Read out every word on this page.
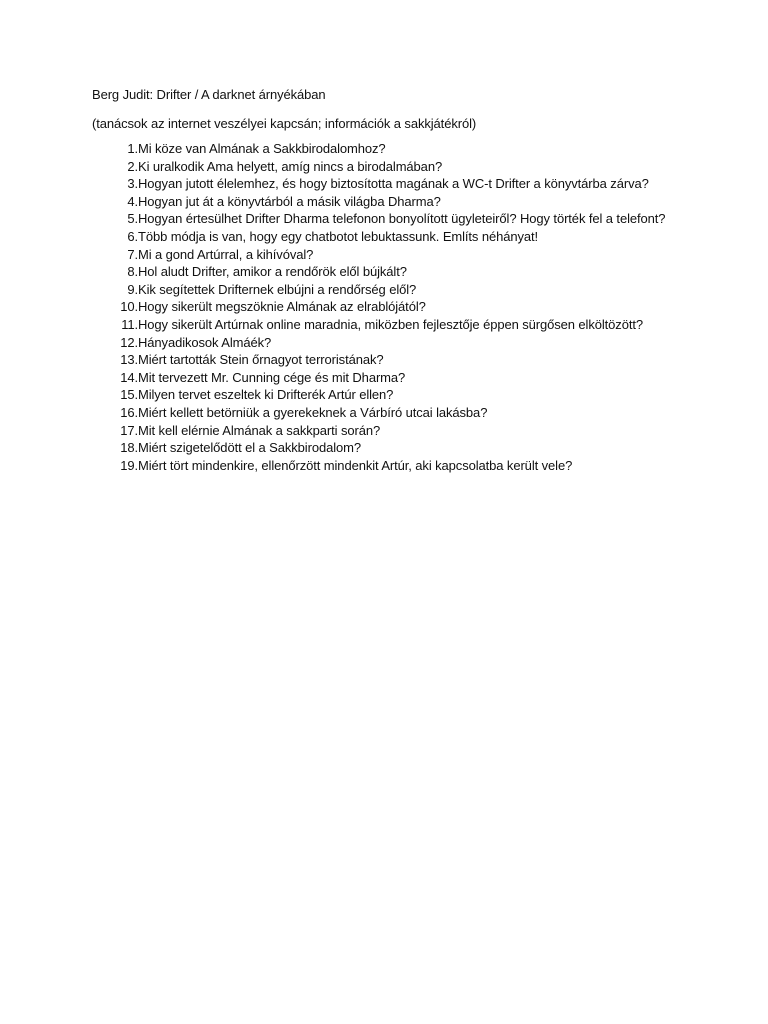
Berg Judit: Drifter / A darknet árnyékában
(tanácsok az internet veszélyei kapcsán; információk a sakkjátékról)
1. Mi köze van Almának a Sakkbirodalomhoz?
2. Ki uralkodik Ama helyett, amíg nincs a birodalmában?
3. Hogyan jutott élelemhez, és hogy biztosította magának a WC-t Drifter a könyvtárba zárva?
4. Hogyan jut át a könyvtárból a másik világba Dharma?
5. Hogyan értesülhet Drifter Dharma telefonon bonyolított ügyleteiről? Hogy törték fel a telefont?
6. Több módja is van, hogy egy chatbotot lebuktassunk. Említs néhányat!
7. Mi a gond Artúrral, a kihívóval?
8. Hol aludt Drifter, amikor a rendőrök elől bújkált?
9. Kik segítettek Drifternek elbújni a rendőrség elől?
10. Hogy sikerült megszöknie Almának az elrablójától?
11. Hogy sikerült Artúrnak online maradnia, miközben fejlesztője éppen sürgősen elköltözött?
12. Hányadikosok Almáék?
13. Miért tartották Stein őrnagyot terroristának?
14. Mit tervezett Mr. Cunning cége és mit Dharma?
15. Milyen tervet eszeltek ki Drifterék Artúr ellen?
16. Miért kellett betörniük a gyerekeknek a Várbíró utcai lakásba?
17. Mit kell elérnie Almának a sakkparti során?
18. Miért szigetelődött el a Sakkbirodalom?
19. Miért tört mindenkire, ellenőrzött mindenkit Artúr, aki kapcsolatba került vele?
